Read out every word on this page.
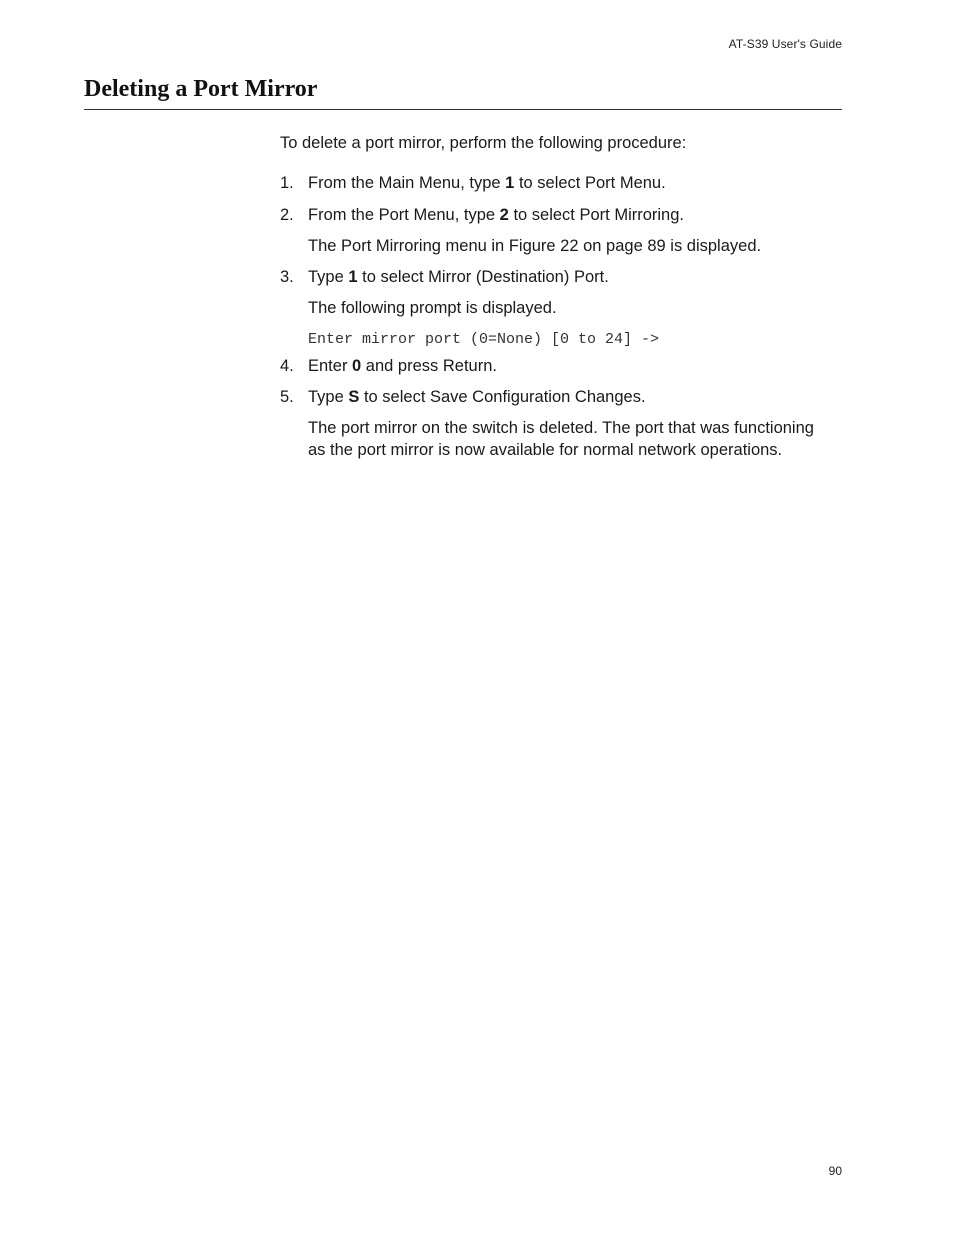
AT-S39 User's Guide
Deleting a Port Mirror

To delete a port mirror, perform the following procedure:

1. From the Main Menu, type 1 to select Port Menu.
2. From the Port Menu, type 2 to select Port Mirroring.

The Port Mirroring menu in Figure 22 on page 89 is displayed.

3. Type 1 to select Mirror (Destination) Port.

The following prompt is displayed.

Enter mirror port (0=None) [0 to 24] ->
4. Enter 0 and press Return.
5. Type S to select Save Configuration Changes.

The port mirror on the switch is deleted. The port that was functioning as the port mirror is now available for normal network operations.

90
